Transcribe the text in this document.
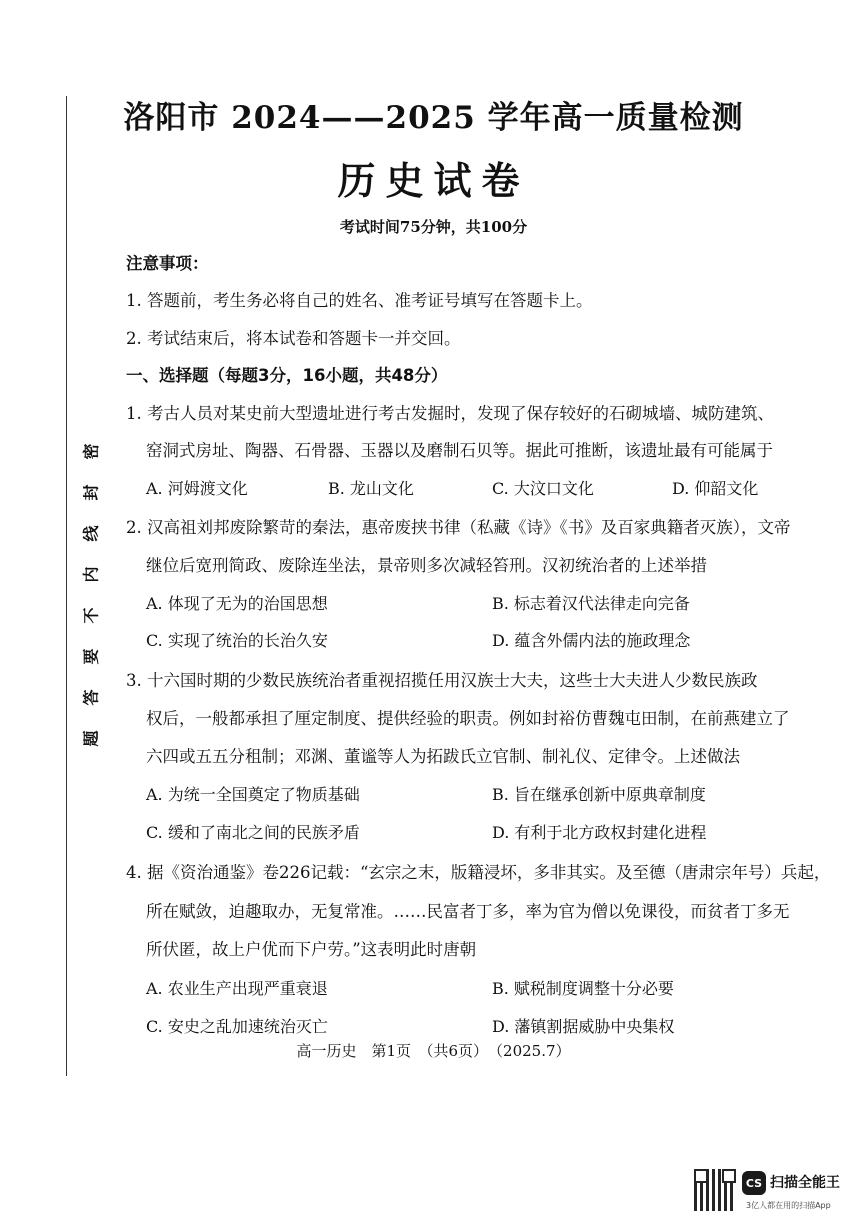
密
封
线
内
不
要
答
题
洛阳市 2024——2025 学年高一质量检测
历史试卷
考试时间75分钟，共100分
注意事项：
1. 答题前，考生务必将自己的姓名、准考证号填写在答题卡上。
2. 考试结束后，将本试卷和答题卡一并交回。
一、选择题（每题3分，16小题，共48分）
1. 考古人员对某史前大型遗址进行考古发掘时，发现了保存较好的石砌城墙、城防建筑、
窑洞式房址、陶器、石骨器、玉器以及磨制石贝等。据此可推断，该遗址最有可能属于
A. 河姆渡文化	B. 龙山文化	C. 大汶口文化	D. 仰韶文化
2. 汉高祖刘邦废除繁苛的秦法，惠帝废挟书律（私藏《诗》《书》及百家典籍者灭族），文帝
继位后宽刑简政、废除连坐法，景帝则多次减轻笞刑。汉初统治者的上述举措
A. 体现了无为的治国思想	B. 标志着汉代法律走向完备
C. 实现了统治的长治久安	D. 蕴含外儒内法的施政理念
3. 十六国时期的少数民族统治者重视招揽任用汉族士大夫，这些士大夫进人少数民族政
权后，一般都承担了厘定制度、提供经验的职责。例如封裕仿曹魏屯田制，在前燕建立了
六四或五五分租制；邓渊、董谧等人为拓跋氏立官制、制礼仪、定律令。上述做法
A. 为统一全国奠定了物质基础	B. 旨在继承创新中原典章制度
C. 缓和了南北之间的民族矛盾	D. 有利于北方政权封建化进程
4. 据《资治通鉴》卷226记载：“玄宗之末，版籍浸坏，多非其实。及至德（唐肃宗年号）兵起，
所在赋敛，迫趣取办，无复常准。……民富者丁多，率为官为僧以免课役，而贫者丁多无
所伏匿，故上户优而下户劳。”这表明此时唐朝
A. 农业生产出现严重衰退	B. 赋税制度调整十分必要
C. 安史之乱加速统治灭亡	D. 藩镇割据威胁中央集权
高一历史　第1页　（共6页）　（2025.7）
CS 扫描全能王
3亿人都在用的扫描App
